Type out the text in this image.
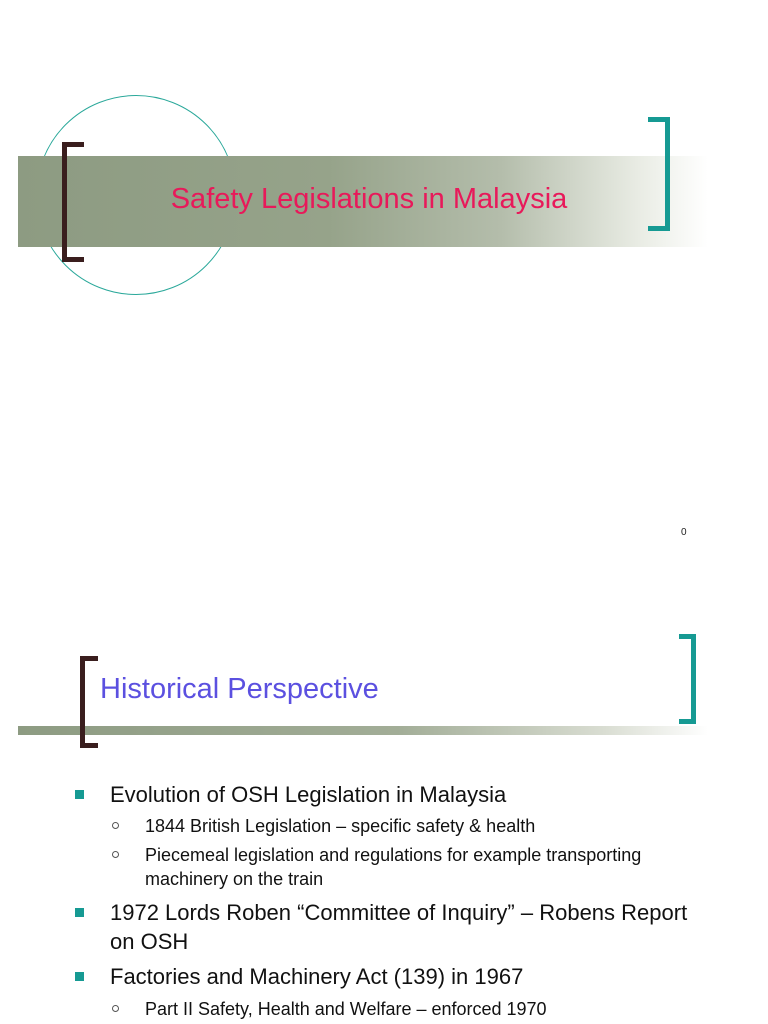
Safety Legislations in Malaysia
0
Historical Perspective
Evolution of OSH Legislation in Malaysia
1844 British Legislation – specific safety & health
Piecemeal legislation and regulations for example transporting machinery on the train
1972 Lords Roben “Committee of Inquiry” – Robens Report on OSH
Factories and Machinery Act (139) in 1967
Part II Safety, Health and Welfare – enforced 1970
